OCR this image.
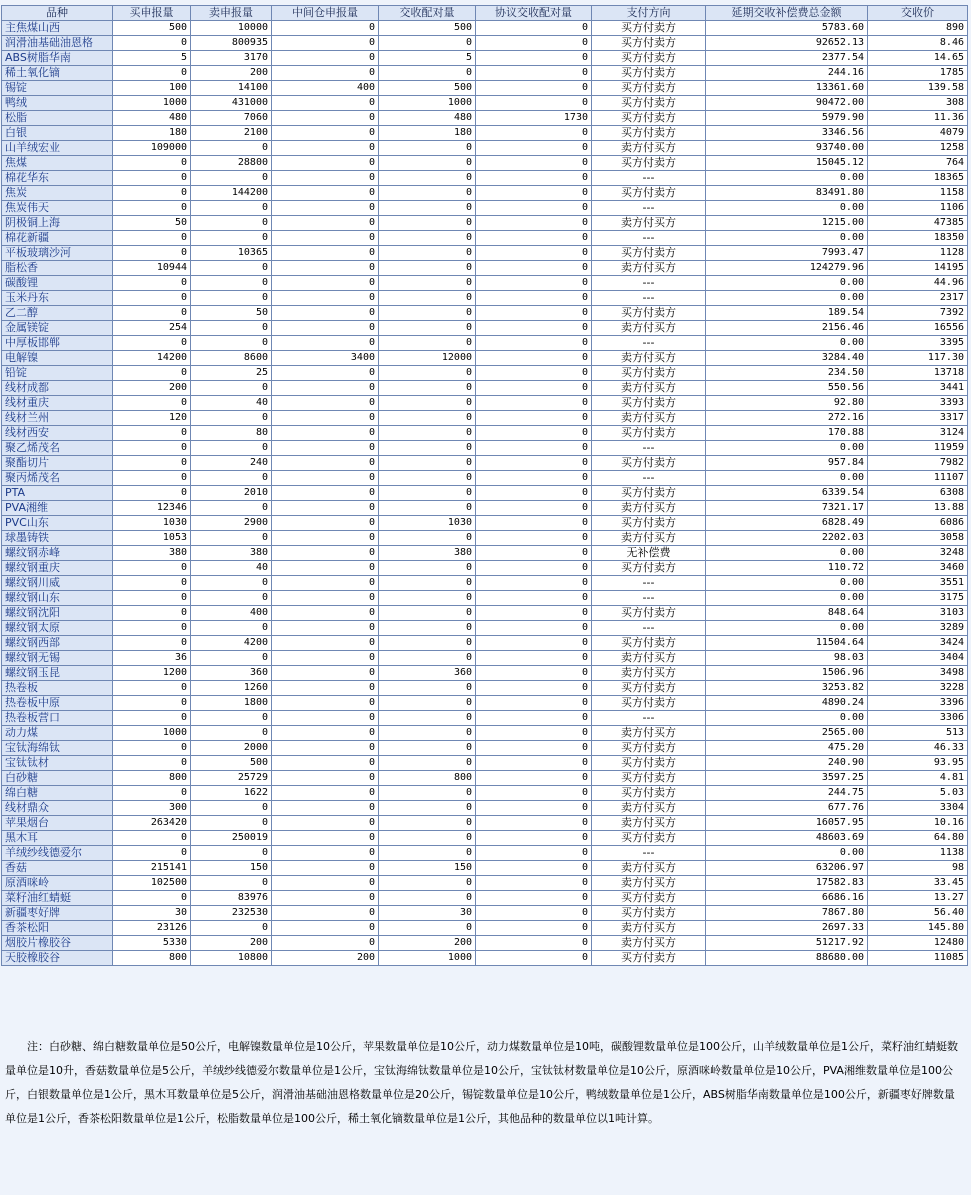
品种	买申报量	卖申报量	中间仓申报量	交收配对量	协议交收配对量	支付方向	延期交收补偿费总金额	交收价
主焦煤山西	500	10000	0	500	0	买方付卖方	5783.60	890
润滑油基础油恩格	0	800935	0	0	0	买方付卖方	92652.13	8.46
ABS树脂华南	5	3170	0	5	0	买方付卖方	2377.54	14.65
稀土氧化镝	0	200	0	0	0	买方付卖方	244.16	1785
锡锭	100	14100	400	500	0	买方付卖方	13361.60	139.58
鸭绒	1000	431000	0	1000	0	买方付卖方	90472.00	308
松脂	480	7060	0	480	1730	买方付卖方	5979.90	11.36
白银	180	2100	0	180	0	买方付卖方	3346.56	4079
山羊绒宏业	109000	0	0	0	0	卖方付买方	93740.00	1258
焦煤	0	28800	0	0	0	买方付卖方	15045.12	764
棉花华东	0	0	0	0	0	---	0.00	18365
焦炭	0	144200	0	0	0	买方付卖方	83491.80	1158
焦炭伟天	0	0	0	0	0	---	0.00	1106
阴极铜上海	50	0	0	0	0	卖方付买方	1215.00	47385
棉花新疆	0	0	0	0	0	---	0.00	18350
平板玻璃沙河	0	10365	0	0	0	买方付卖方	7993.47	1128
脂松香	10944	0	0	0	0	卖方付买方	124279.96	14195
碳酸锂	0	0	0	0	0	---	0.00	44.96
玉米丹东	0	0	0	0	0	---	0.00	2317
乙二醇	0	50	0	0	0	买方付卖方	189.54	7392
金属镁锭	254	0	0	0	0	卖方付买方	2156.46	16556
中厚板邯郸	0	0	0	0	0	---	0.00	3395
电解镍	14200	8600	3400	12000	0	卖方付买方	3284.40	117.30
铅锭	0	25	0	0	0	买方付卖方	234.50	13718
线材成都	200	0	0	0	0	卖方付买方	550.56	3441
线材重庆	0	40	0	0	0	买方付卖方	92.80	3393
线材兰州	120	0	0	0	0	卖方付买方	272.16	3317
线材西安	0	80	0	0	0	买方付卖方	170.88	3124
聚乙烯茂名	0	0	0	0	0	---	0.00	11959
聚酯切片	0	240	0	0	0	买方付卖方	957.84	7982
聚丙烯茂名	0	0	0	0	0	---	0.00	11107
PTA	0	2010	0	0	0	买方付卖方	6339.54	6308
PVA湘维	12346	0	0	0	0	卖方付买方	7321.17	13.88
PVC山东	1030	2900	0	1030	0	买方付卖方	6828.49	6086
球墨铸铁	1053	0	0	0	0	卖方付买方	2202.03	3058
螺纹钢赤峰	380	380	0	380	0	无补偿费	0.00	3248
螺纹钢重庆	0	40	0	0	0	买方付卖方	110.72	3460
螺纹钢川威	0	0	0	0	0	---	0.00	3551
螺纹钢山东	0	0	0	0	0	---	0.00	3175
螺纹钢沈阳	0	400	0	0	0	买方付卖方	848.64	3103
螺纹钢太原	0	0	0	0	0	---	0.00	3289
螺纹钢西部	0	4200	0	0	0	买方付卖方	11504.64	3424
螺纹钢无锡	36	0	0	0	0	卖方付买方	98.03	3404
螺纹钢玉昆	1200	360	0	360	0	卖方付买方	1506.96	3498
热卷板	0	1260	0	0	0	买方付卖方	3253.82	3228
热卷板中原	0	1800	0	0	0	买方付卖方	4890.24	3396
热卷板营口	0	0	0	0	0	---	0.00	3306
动力煤	1000	0	0	0	0	卖方付买方	2565.00	513
宝钛海绵钛	0	2000	0	0	0	买方付卖方	475.20	46.33
宝钛钛材	0	500	0	0	0	买方付卖方	240.90	93.95
白砂糖	800	25729	0	800	0	买方付卖方	3597.25	4.81
绵白糖	0	1622	0	0	0	买方付卖方	244.75	5.03
线材鼎众	300	0	0	0	0	卖方付买方	677.76	3304
苹果烟台	263420	0	0	0	0	卖方付买方	16057.95	10.16
黑木耳	0	250019	0	0	0	买方付卖方	48603.69	64.80
羊绒纱线德爱尔	0	0	0	0	0	---	0.00	1138
香菇	215141	150	0	150	0	卖方付买方	63206.97	98
原酒咪岭	102500	0	0	0	0	卖方付买方	17582.83	33.45
菜籽油红蜻蜓	0	83976	0	0	0	买方付卖方	6686.16	13.27
新疆枣好牌	30	232530	0	30	0	买方付卖方	7867.80	56.40
香茶松阳	23126	0	0	0	0	卖方付买方	2697.33	145.80
烟胶片橡胶谷	5330	200	0	200	0	卖方付买方	51217.92	12480
天胶橡胶谷	800	10800	200	1000	0	买方付卖方	88680.00	11085
注：白砂糖、绵白糖数量单位是50公斤，电解镍数量单位是10公斤，苹果数量单位是10公斤，动力煤数量单位是10吨，碳酸锂数量单位是100公斤，山羊绒数量单位是1公斤，菜籽油红蜻蜓数量单位是10升，香菇数量单位是5公斤，羊绒纱线德爱尔数量单位是1公斤，宝钛海绵钛数量单位是10公斤，宝钛钛材数量单位是10公斤，原酒咪岭数量单位是10公斤，PVA湘维数量单位是100公斤，白银数量单位是1公斤，黑木耳数量单位是5公斤，润滑油基础油恩格数量单位是20公斤，锡锭数量单位是10公斤，鸭绒数量单位是1公斤，ABS树脂华南数量单位是100公斤，新疆枣好牌数量单位是1公斤，香茶松阳数量单位是1公斤，松脂数量单位是100公斤，稀土氧化镝数量单位是1公斤，其他品种的数量单位以1吨计算。
